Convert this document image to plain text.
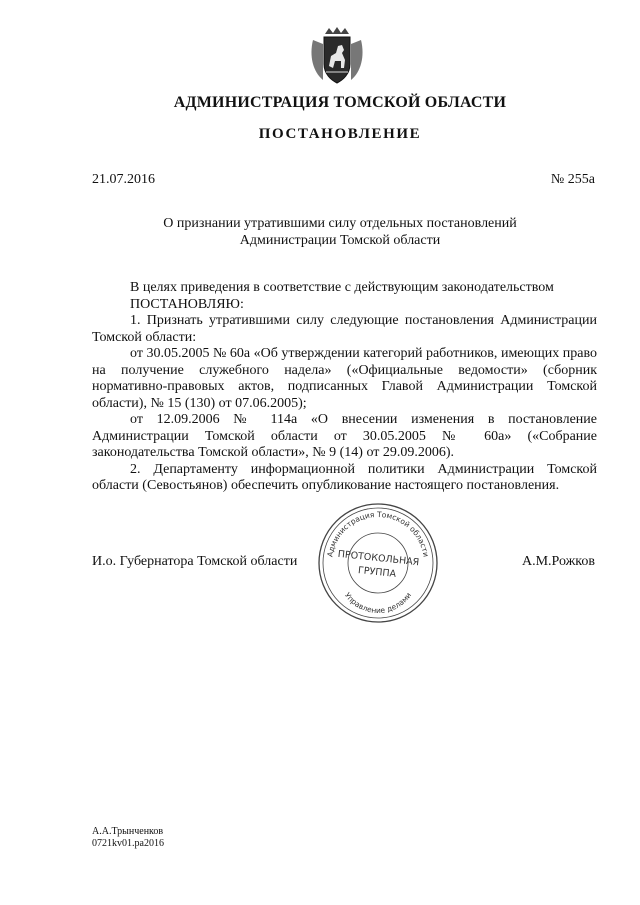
АДМИНИСТРАЦИЯ ТОМСКОЙ ОБЛАСТИ
ПОСТАНОВЛЕНИЕ
21.07.2016	№ 255а
О признании утратившими силу отдельных постановлений
Администрации Томской области

В целях приведения в соответствие с действующим законодательством

ПОСТАНОВЛЯЮ:

1. Признать утратившими силу следующие постановления Администрации Томской области:

от 30.05.2005 № 60а «Об утверждении категорий работников, имеющих право на получение служебного надела» («Официальные ведомости» (сборник нормативно-правовых актов, подписанных Главой Администрации Томской области), № 15 (130) от 07.06.2005);

от 12.09.2006 № 114а «О внесении изменения в постановление Администрации Томской области от 30.05.2005 № 60а» («Собрание законодательства Томской области», № 9 (14) от 29.09.2006).

2. Департаменту информационной политики Администрации Томской области (Севостьянов) обеспечить опубликование настоящего постановления.

И.о. Губернатора Томской области	А.М.Рожков
Администрация Томской области
Управление делами
ПРОТОКОЛЬНАЯ
ГРУППА
А.А.Трынченков
0721kv01.pa2016
